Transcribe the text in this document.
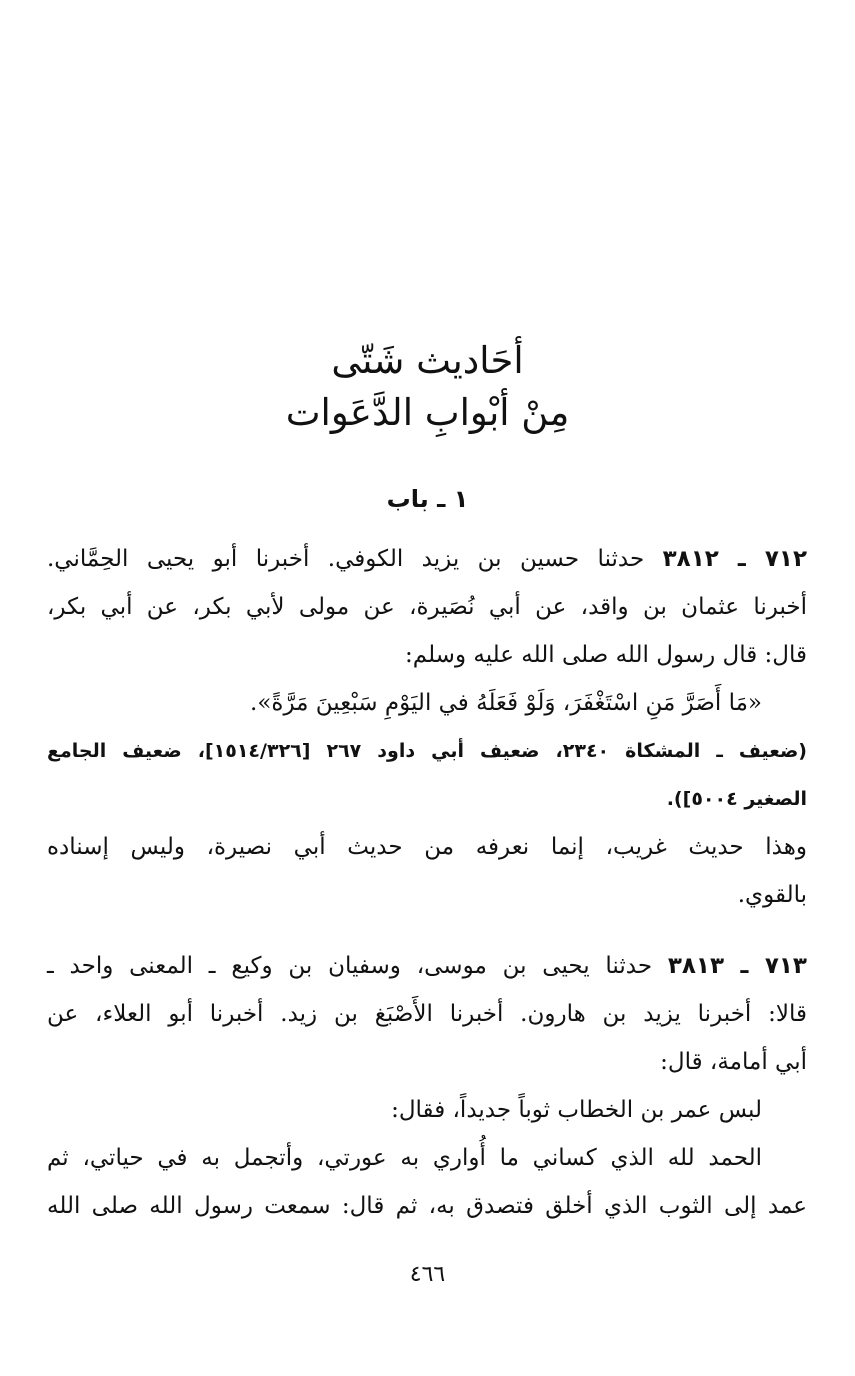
أحَاديث شَتّى
مِنْ أبْوابِ الدَّعَوات
١ ـ باب
٧١٢ ـ ٣٨١٢ حدثنا حسين بن يزيد الكوفي. أخبرنا أبو يحيى الحِمَّاني.
أخبرنا عثمان بن واقد، عن أبي نُصَيرة، عن مولى لأبي بكر، عن أبي بكر،
قال: قال رسول الله صلى الله عليه وسلم:
«مَا أَصَرَّ مَنِ اسْتَغْفَرَ، وَلَوْ فَعَلَهُ في اليَوْمِ سَبْعِينَ مَرَّةً».
(ضعيف ـ المشكاة ٢٣٤٠، ضعيف أبي داود ٢٦٧ [١٥١٤/٣٢٦]، ضعيف الجامع
الصغير ٥٠٠٤]).
وهذا حديث غريب، إنما نعرفه من حديث أبي نصيرة، وليس إسناده
بالقوي.
٧١٣ ـ ٣٨١٣ حدثنا يحيى بن موسى، وسفيان بن وكيع ـ المعنى واحد ـ
قالا: أخبرنا يزيد بن هارون. أخبرنا الأَصْبَغ بن زيد. أخبرنا أبو العلاء، عن
أبي أمامة، قال:
لبس عمر بن الخطاب ثوباً جديداً، فقال:
الحمد لله الذي كساني ما أُواري به عورتي، وأتجمل به في حياتي، ثم
عمد إلى الثوب الذي أخلق فتصدق به، ثم قال: سمعت رسول الله صلى الله
٤٦٦
